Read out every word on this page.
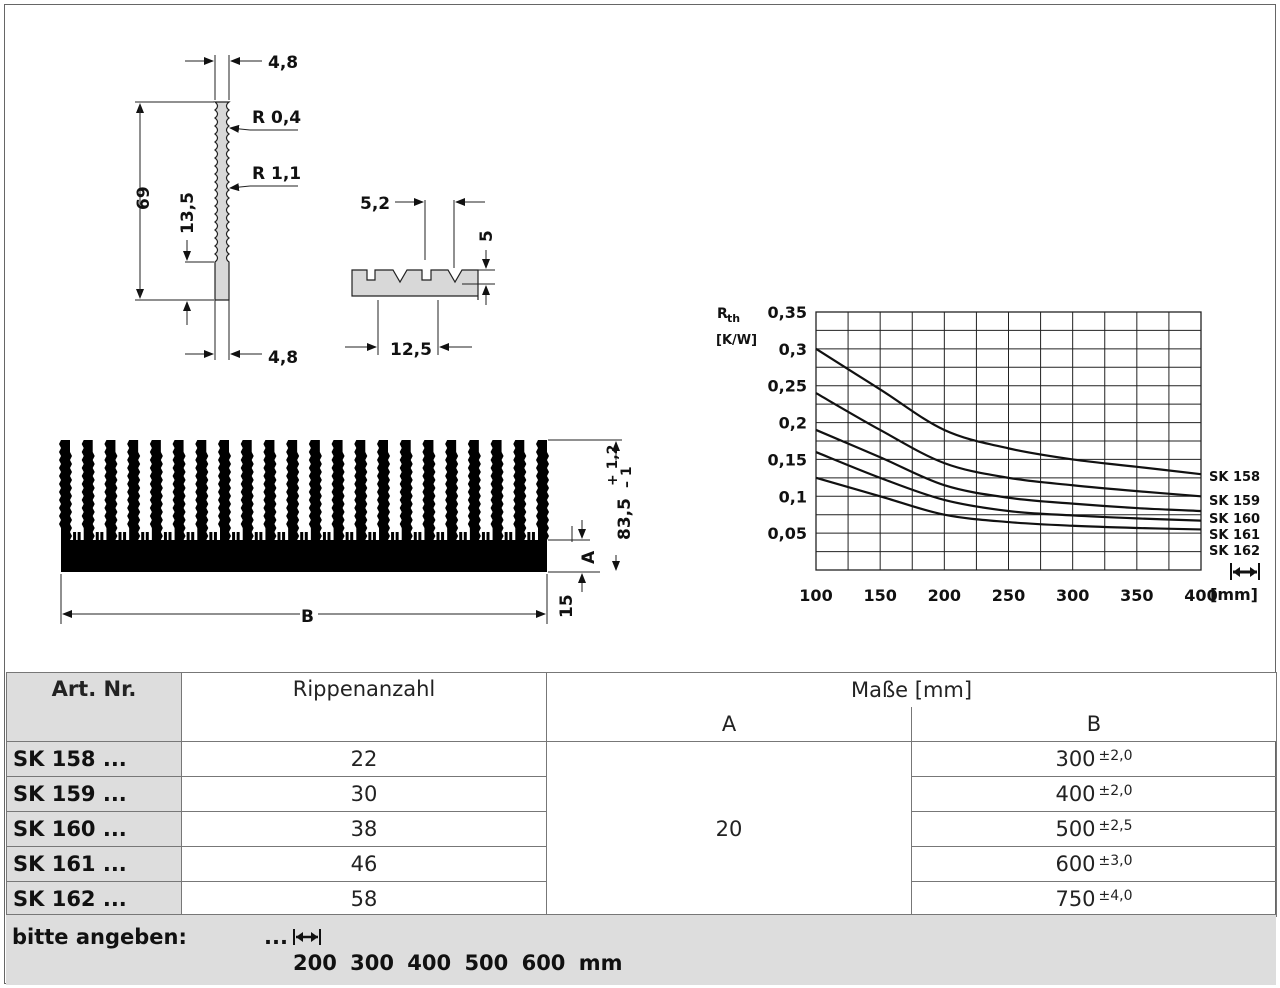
4,8
4,8
R 0,4
R 1,1
69 13,5	5,2
5
12,5
83,5
+ 1,2
– 1
A
15
B
R th
[K/W]
100 150 200 250 300 350 400
0,35
0,3
0,25
0,2
0,15
0,1
0,05
SK 158
SK 159
SK 160
SK 161
SK 162
[mm]
Art. Nr.	Rippenanzahl	Maße [mm]	
		A	B
SK 158 ...	22	20	300 $^{\pm 2,0}$
SK 159 ...	30		400 $^{\pm 2,0}$
SK 160 ...	38		500 $^{\pm 2,5}$
SK 161 ...	46		600 $^{\pm 3,0}$
SK 162 ...	58		750 $^{\pm 4,0}$
bitte angeben:	...
200 300 400 500 600 mm
